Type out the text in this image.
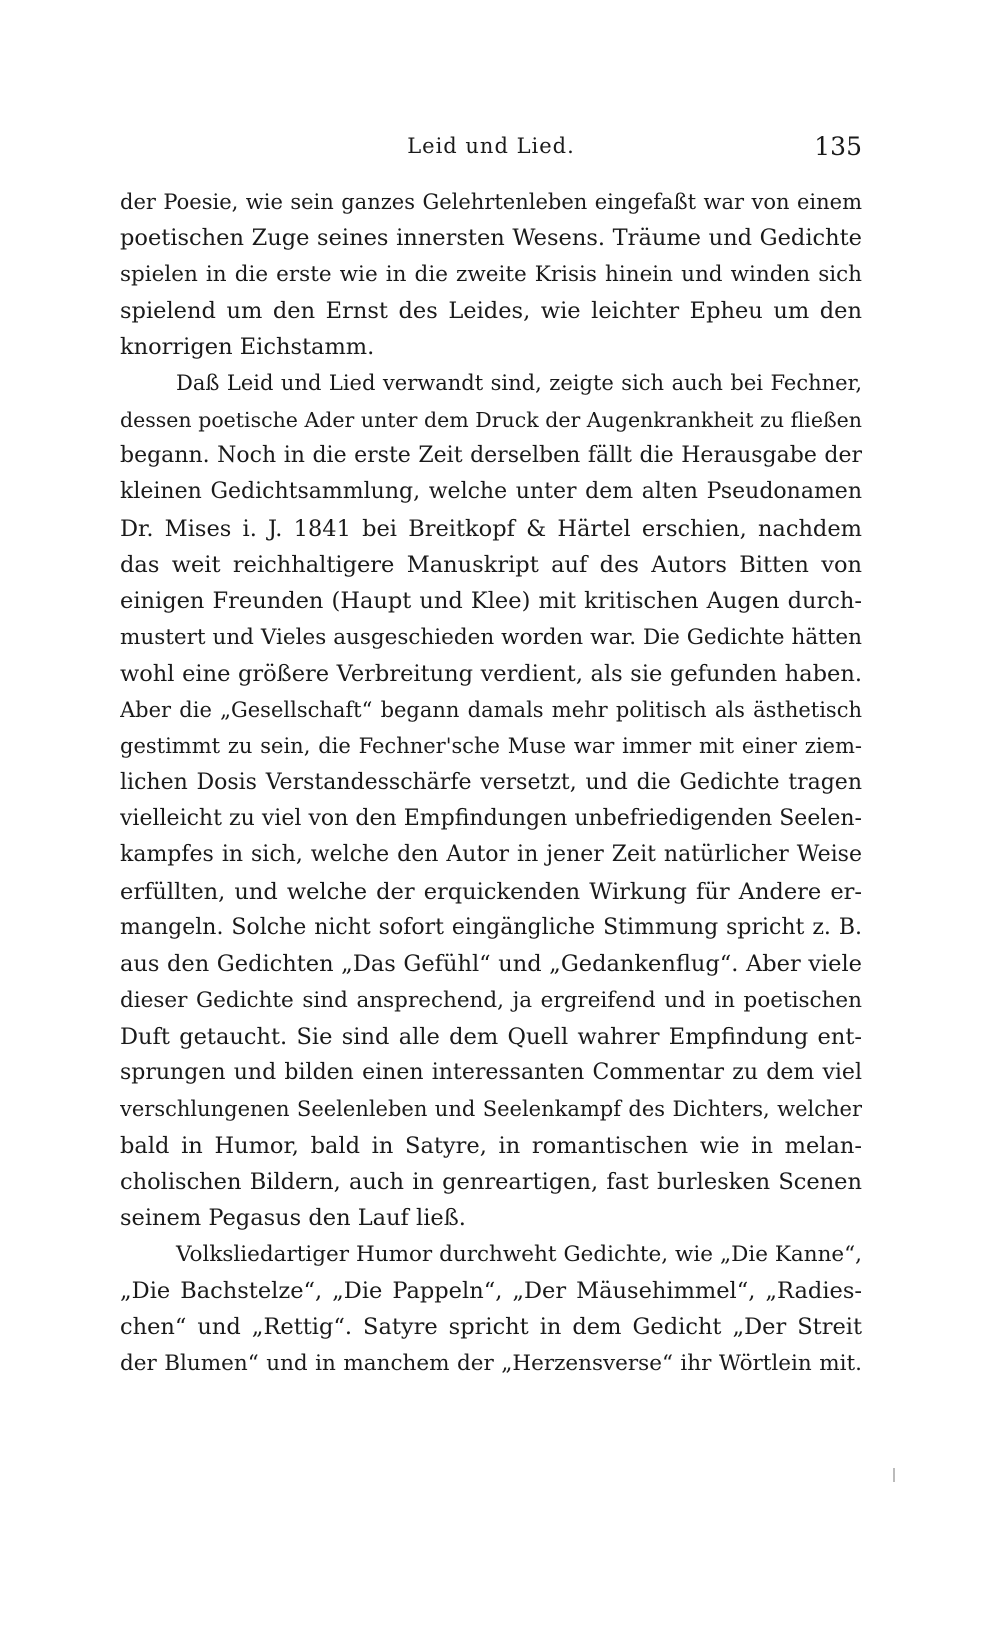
Leid und Lied.	135
der Poesie, wie sein ganzes Gelehrtenleben eingefaßt war von einem
poetischen Zuge seines innersten Wesens. Träume und Gedichte
spielen in die erste wie in die zweite Krisis hinein und winden sich
spielend um den Ernst des Leides, wie leichter Epheu um den
knorrigen Eichstamm.
Daß Leid und Lied verwandt sind, zeigte sich auch bei Fechner,
dessen poetische Ader unter dem Druck der Augenkrankheit zu fließen
begann. Noch in die erste Zeit derselben fällt die Herausgabe der
kleinen Gedichtsammlung, welche unter dem alten Pseudonamen
Dr. Mises i. J. 1841 bei Breitkopf & Härtel erschien, nachdem
das weit reichhaltigere Manuskript auf des Autors Bitten von
einigen Freunden (Haupt und Klee) mit kritischen Augen durch-
mustert und Vieles ausgeschieden worden war. Die Gedichte hätten
wohl eine größere Verbreitung verdient, als sie gefunden haben.
Aber die „Gesellschaft“ begann damals mehr politisch als ästhetisch
gestimmt zu sein, die Fechner'sche Muse war immer mit einer ziem-
lichen Dosis Verstandesschärfe versetzt, und die Gedichte tragen
vielleicht zu viel von den Empfindungen unbefriedigenden Seelen-
kampfes in sich, welche den Autor in jener Zeit natürlicher Weise
erfüllten, und welche der erquickenden Wirkung für Andere er-
mangeln. Solche nicht sofort eingängliche Stimmung spricht z. B.
aus den Gedichten „Das Gefühl“ und „Gedankenflug“. Aber viele
dieser Gedichte sind ansprechend, ja ergreifend und in poetischen
Duft getaucht. Sie sind alle dem Quell wahrer Empfindung ent-
sprungen und bilden einen interessanten Commentar zu dem viel
verschlungenen Seelenleben und Seelenkampf des Dichters, welcher
bald in Humor, bald in Satyre, in romantischen wie in melan-
cholischen Bildern, auch in genreartigen, fast burlesken Scenen
seinem Pegasus den Lauf ließ.
Volksliedartiger Humor durchweht Gedichte, wie „Die Kanne“,
„Die Bachstelze“, „Die Pappeln“, „Der Mäusehimmel“, „Radies-
chen“ und „Rettig“. Satyre spricht in dem Gedicht „Der Streit
der Blumen“ und in manchem der „Herzensverse“ ihr Wörtlein mit.
